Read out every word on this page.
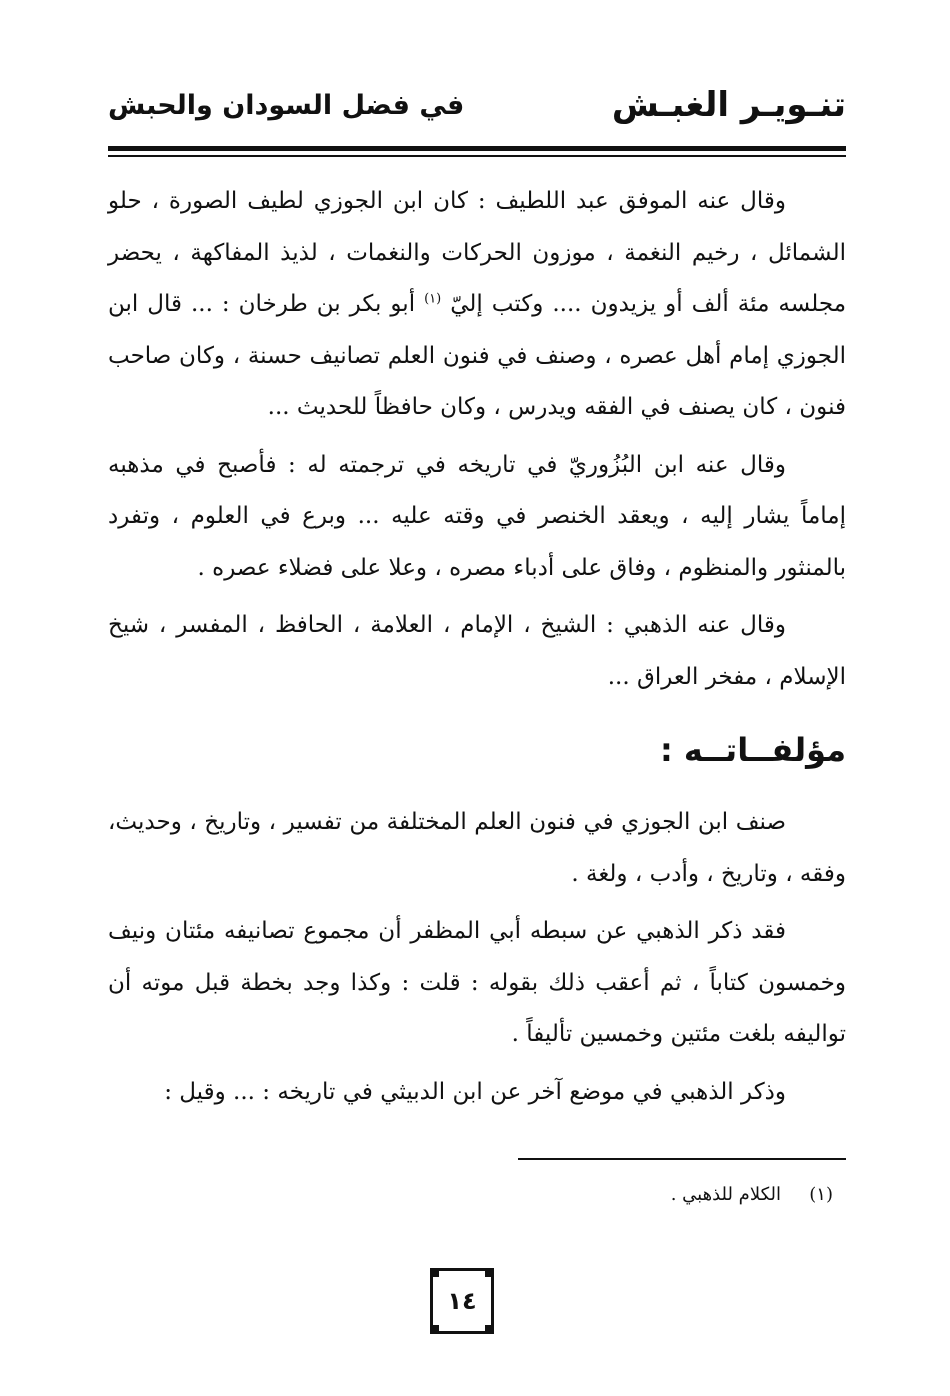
تنـويـر الغبـش
في فضل السودان والحبش

وقال عنه الموفق عبد اللطيف : كان ابن الجوزي لطيف الصورة ، حلو الشمائل ، رخيم النغمة ، موزون الحركات والنغمات ، لذيذ المفاكهة ، يحضر مجلسه مئة ألف أو يزيدون .... وكتب إليّ $^{(١)}$ أبو بكر بن طرخان : ... قال ابن الجوزي إمام أهل عصره ، وصنف في فنون العلم تصانيف حسنة ، وكان صاحب فنون ، كان يصنف في الفقه ويدرس ، وكان حافظاً للحديث ...

وقال عنه ابن البُزُوريّ في تاريخه في ترجمته له : فأصبح في مذهبه إماماً يشار إليه ، ويعقد الخنصر في وقته عليه ... وبرع في العلوم ، وتفرد بالمنثور والمنظوم ، وفاق على أدباء مصره ، وعلا على فضلاء عصره .

وقال عنه الذهبي : الشيخ ، الإمام ، العلامة ، الحافظ ، المفسر ، شيخ الإسلام ، مفخر العراق ...

مؤلفــاتــه :

صنف ابن الجوزي في فنون العلم المختلفة من تفسير ، وتاريخ ، وحديث، وفقه ، وتاريخ ، وأدب ، ولغة .

فقد ذكر الذهبي عن سبطه أبي المظفر أن مجموع تصانيفه مئتان ونيف وخمسون كتاباً ، ثم أعقب ذلك بقوله : قلت : وكذا وجد بخطة قبل موته أن تواليفه بلغت مئتين وخمسين تأليفاً .

وذكر الذهبي في موضع آخر عن ابن الدبيثي في تاريخه : ... وقيل :

(١)الكلام للذهبي .
١٤
